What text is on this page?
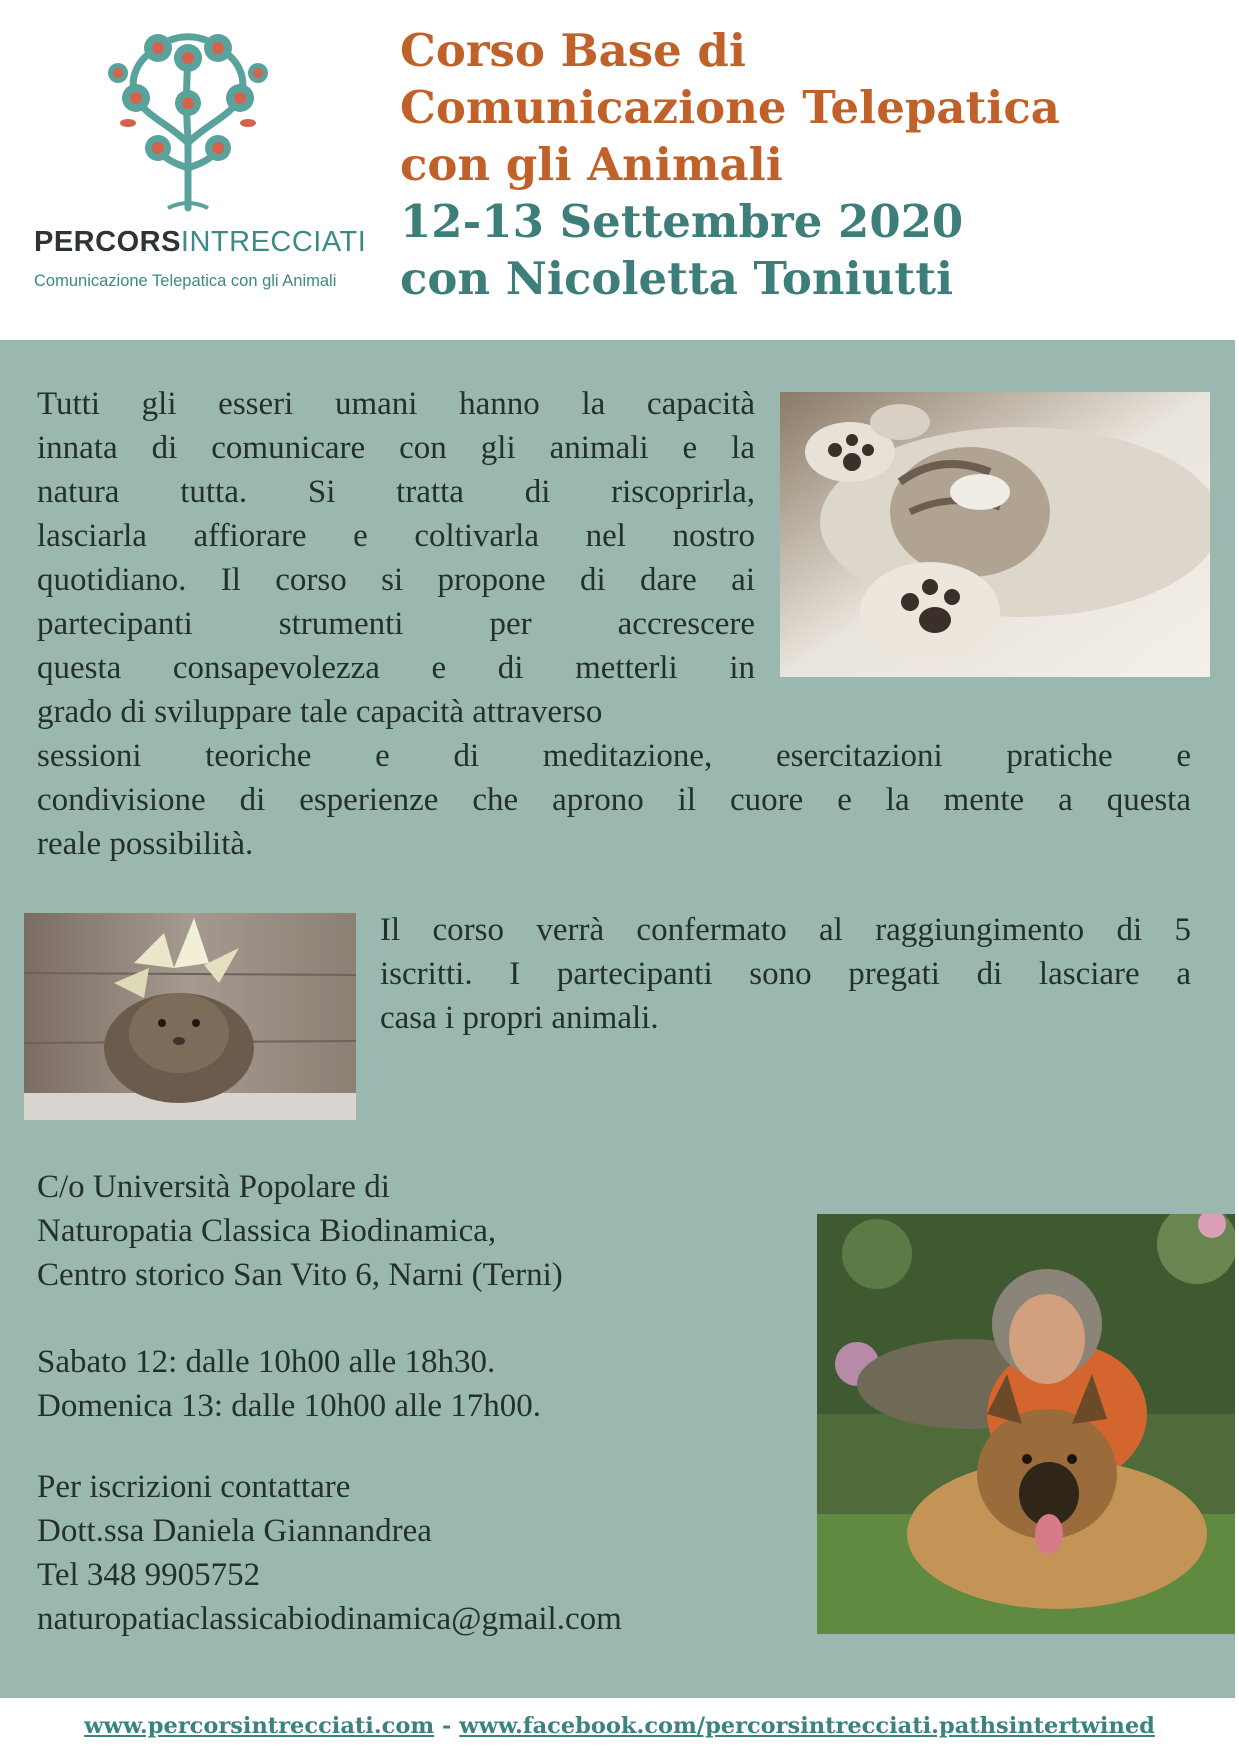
PERCORSINTRECCIATI
Comunicazione Telepatica con gli Animali
Corso Base di
Comunicazione Telepatica
con gli Animali
12-13 Settembre 2020
con Nicoletta Toniutti
Tutti gli esseri umani hanno la capacità
innata di comunicare con gli animali e la
natura tutta. Si tratta di riscoprirla,
lasciarla affiorare e coltivarla nel nostro
quotidiano. Il corso si propone di dare ai
partecipanti strumenti per accrescere
questa consapevolezza e di metterli in
grado di sviluppare tale capacità attraverso
sessioni teoriche e di meditazione, esercitazioni pratiche e
condivisione di esperienze che aprono il cuore e la mente a questa
reale possibilità.
Il corso verrà confermato al raggiungimento di 5
iscritti. I partecipanti sono pregati di lasciare a
casa i propri animali.
C/o Università Popolare di
Naturopatia Classica Biodinamica,
Centro storico San Vito 6, Narni (Terni)
Sabato 12: dalle 10h00 alle 18h30.
Domenica 13: dalle 10h00 alle 17h00.
Per iscrizioni contattare
Dott.ssa Daniela Giannandrea
Tel 348 9905752
naturopatiaclassicabiodinamica@gmail.com
www.percorsintrecciati.com - www.facebook.com/percorsintrecciati.pathsintertwined
